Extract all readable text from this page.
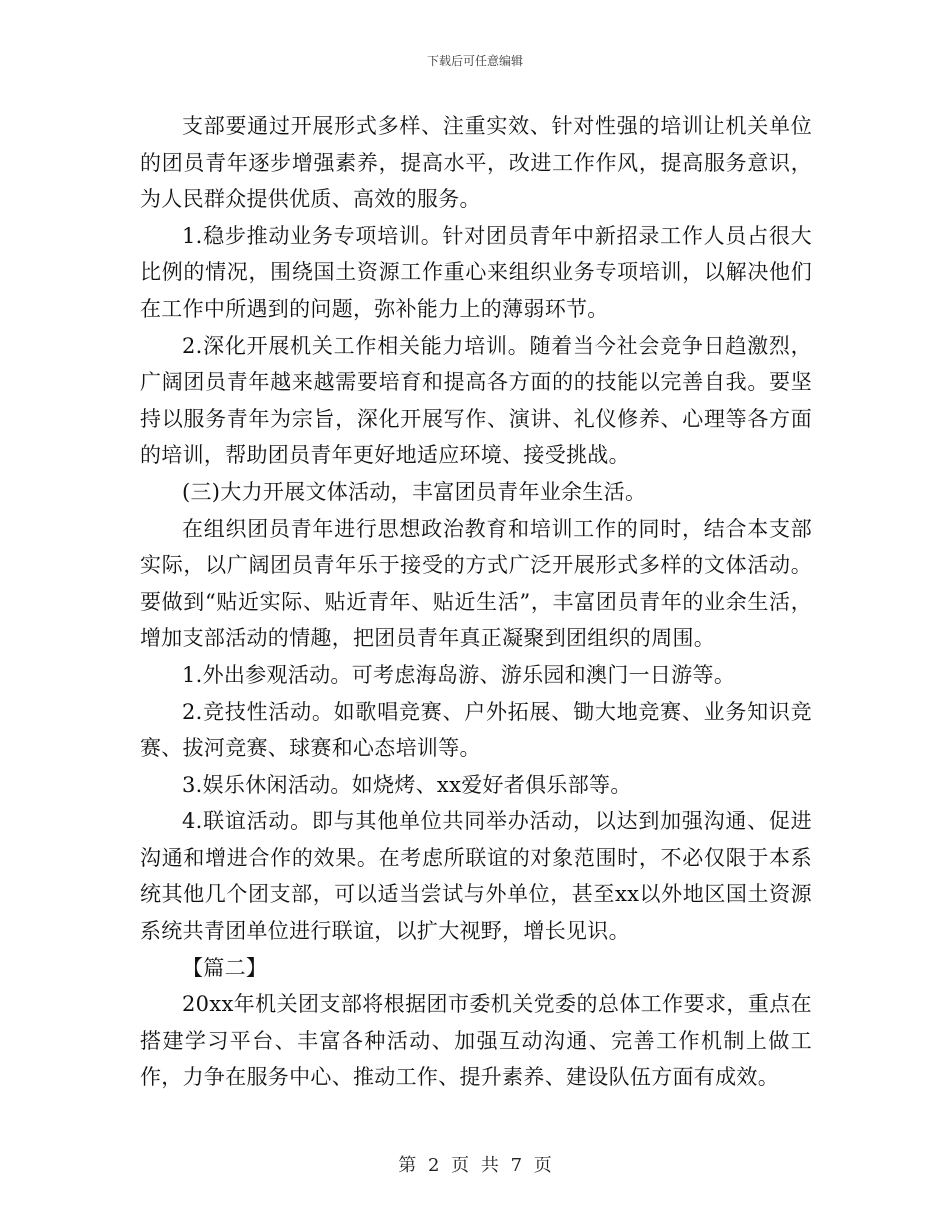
下载后可任意编辑

支部要通过开展形式多样、注重实效、针对性强的培训让机关单位的团员青年逐步增强素养，提高水平，改进工作作风，提高服务意识，为人民群众提供优质、高效的服务。

1.稳步推动业务专项培训。针对团员青年中新招录工作人员占很大比例的情况，围绕国土资源工作重心来组织业务专项培训，以解决他们在工作中所遇到的问题，弥补能力上的薄弱环节。

2.深化开展机关工作相关能力培训。随着当今社会竞争日趋激烈，广阔团员青年越来越需要培育和提高各方面的的技能以完善自我。要坚持以服务青年为宗旨，深化开展写作、演讲、礼仪修养、心理等各方面的培训，帮助团员青年更好地适应环境、接受挑战。

(三)大力开展文体活动，丰富团员青年业余生活。

在组织团员青年进行思想政治教育和培训工作的同时，结合本支部实际，以广阔团员青年乐于接受的方式广泛开展形式多样的文体活动。要做到“贴近实际、贴近青年、贴近生活”，丰富团员青年的业余生活，增加支部活动的情趣，把团员青年真正凝聚到团组织的周围。

1.外出参观活动。可考虑海岛游、游乐园和澳门一日游等。

2.竞技性活动。如歌唱竞赛、户外拓展、锄大地竞赛、业务知识竞赛、拔河竞赛、球赛和心态培训等。

3.娱乐休闲活动。如烧烤、xx爱好者俱乐部等。

4.联谊活动。即与其他单位共同举办活动，以达到加强沟通、促进沟通和增进合作的效果。在考虑所联谊的对象范围时，不必仅限于本系统其他几个团支部，可以适当尝试与外单位，甚至xx以外地区国土资源系统共青团单位进行联谊，以扩大视野，增长见识。

【篇二】

20xx年机关团支部将根据团市委机关党委的总体工作要求，重点在搭建学习平台、丰富各种活动、加强互动沟通、完善工作机制上做工作，力争在服务中心、推动工作、提升素养、建设队伍方面有成效。

第 2 页 共 7 页
